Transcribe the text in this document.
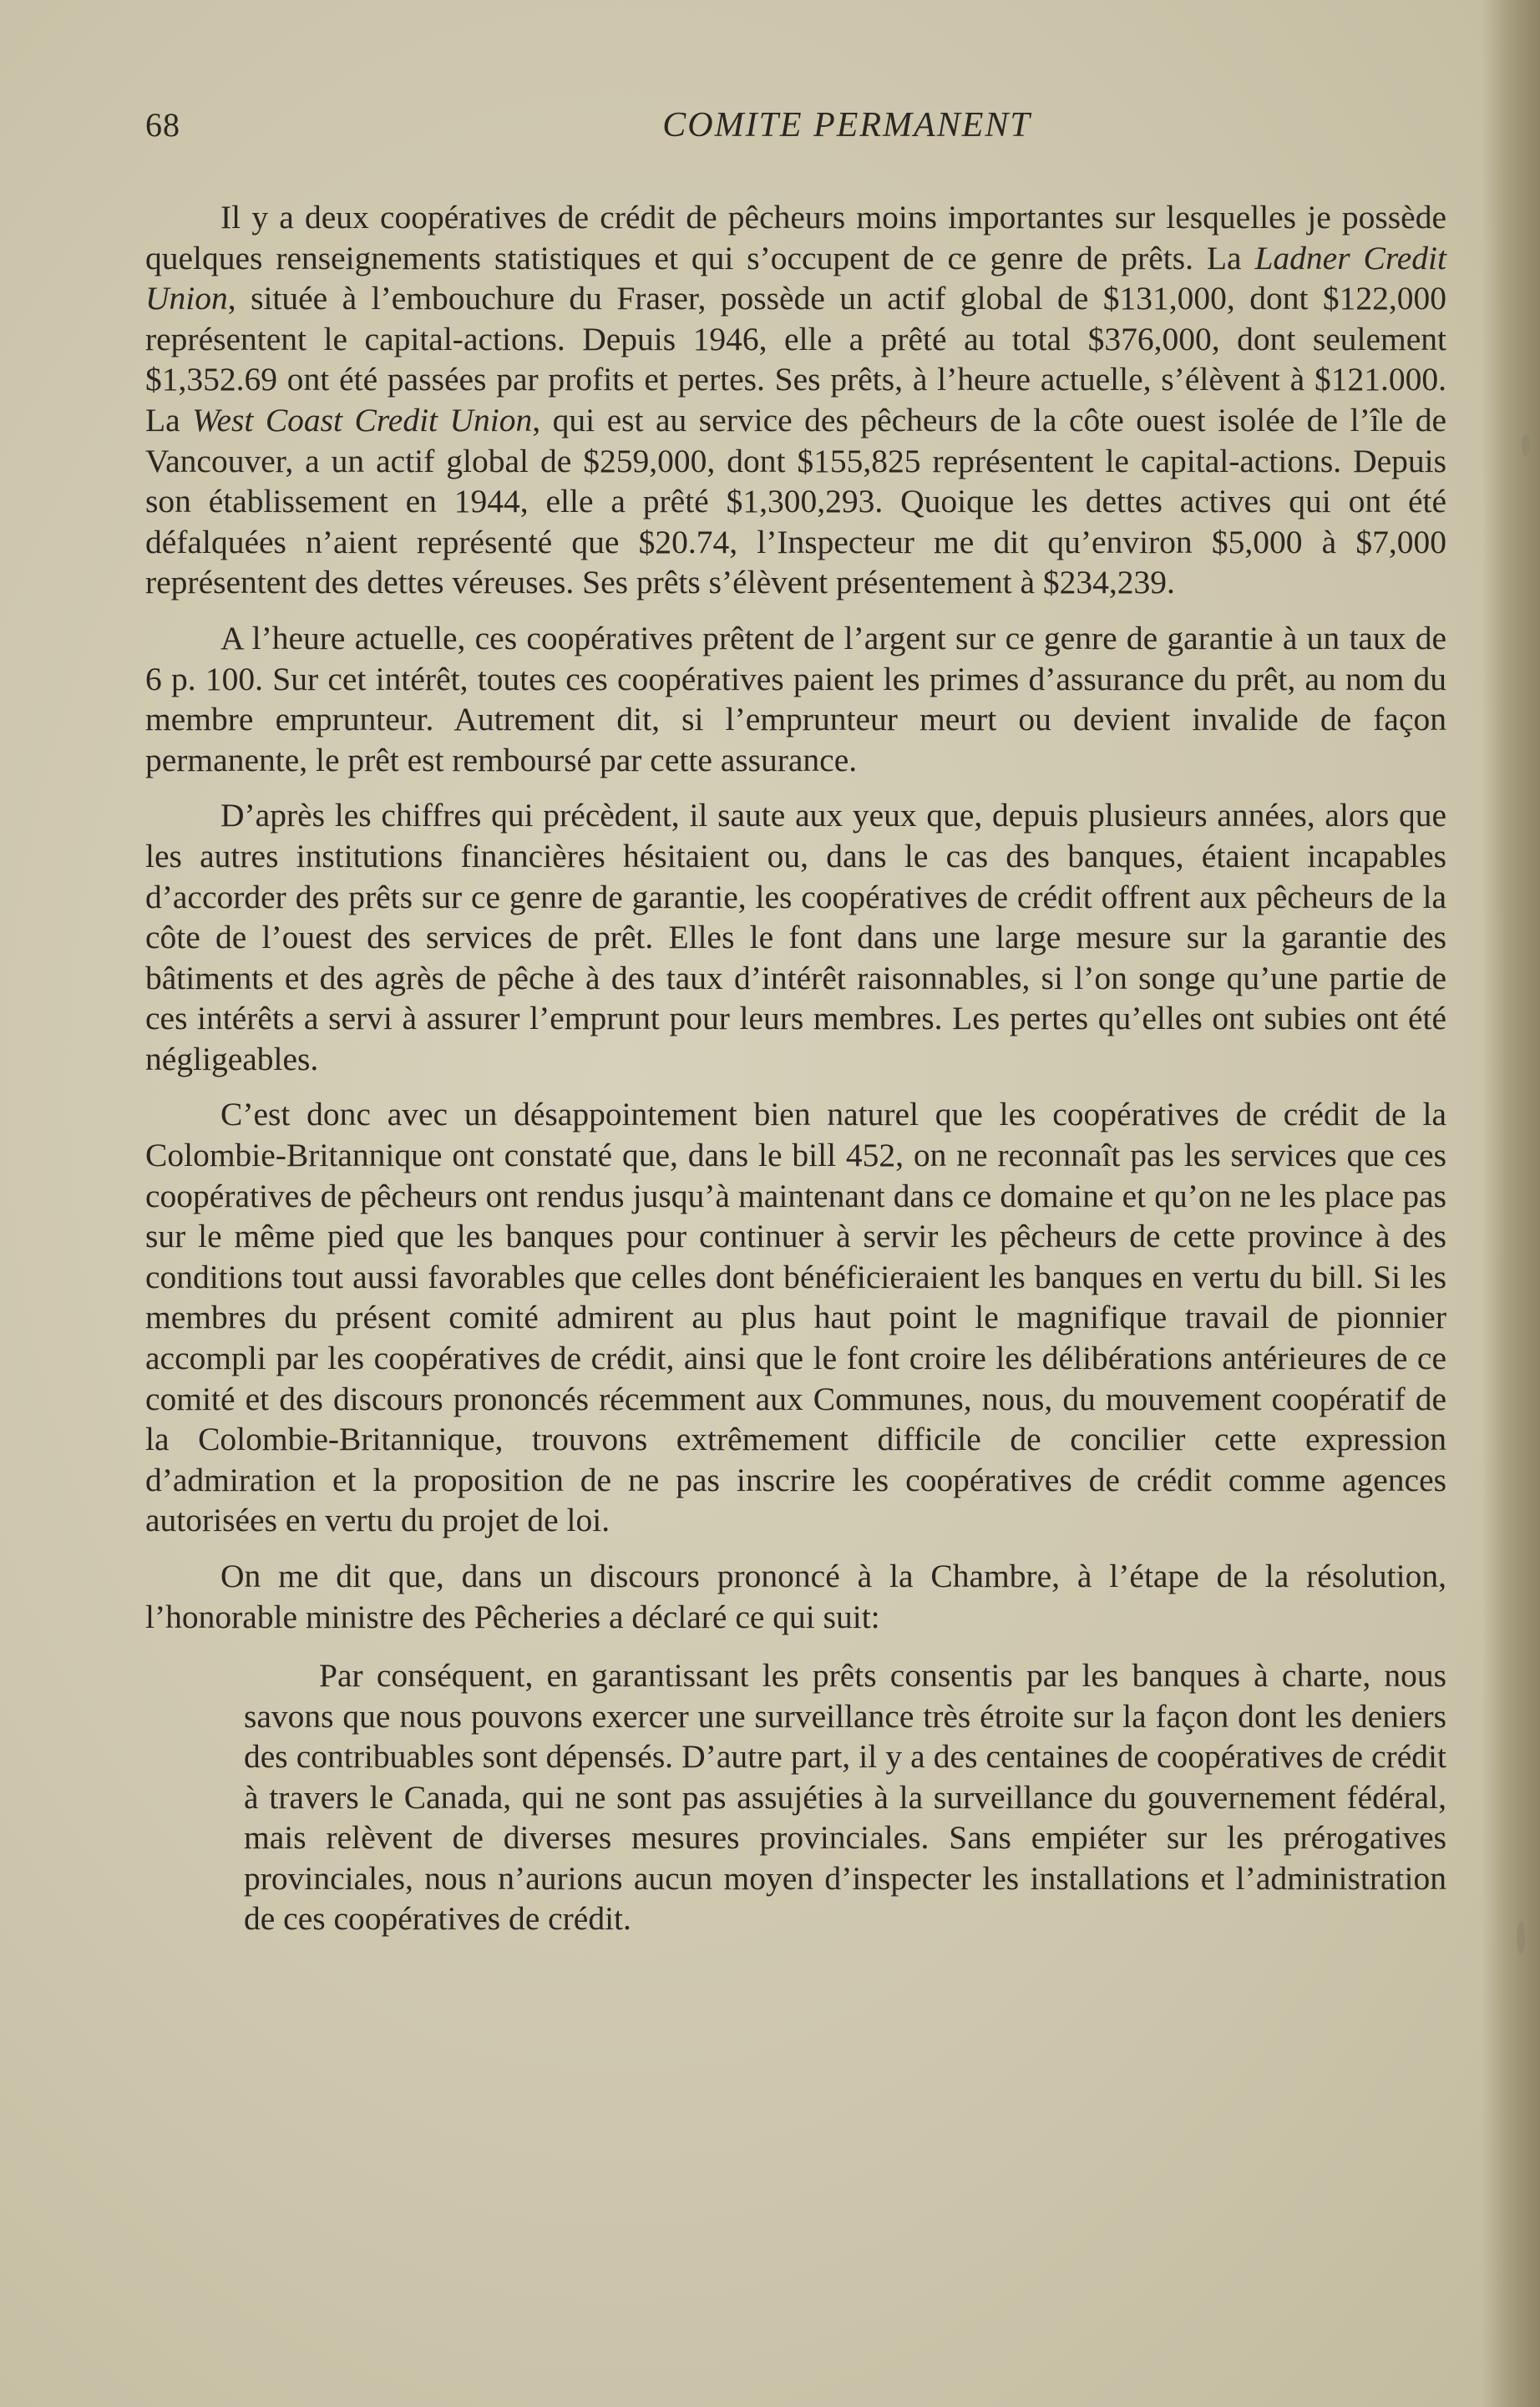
68	COMITE PERMANENT

Il y a deux coopératives de crédit de pêcheurs moins importantes sur lesquelles je possède quelques renseignements statistiques et qui s’occupent de ce genre de prêts. La Ladner Credit Union, située à l’embouchure du Fraser, possède un actif global de $131,000, dont $122,000 représentent le capital-actions. Depuis 1946, elle a prêté au total $376,000, dont seulement $1,352.69 ont été passées par profits et pertes. Ses prêts, à l’heure actuelle, s’élèvent à $121.000. La West Coast Credit Union, qui est au service des pêcheurs de la côte ouest isolée de l’île de Vancouver, a un actif global de $259,000, dont $155,825 représentent le capital-actions. Depuis son établissement en 1944, elle a prêté $1,300,293. Quoique les dettes actives qui ont été défalquées n’aient représenté que $20.74, l’Inspecteur me dit qu’environ $5,000 à $7,000 représentent des dettes véreuses. Ses prêts s’élèvent présentement à $234,239.

A l’heure actuelle, ces coopératives prêtent de l’argent sur ce genre de garantie à un taux de 6 p. 100. Sur cet intérêt, toutes ces coopératives paient les primes d’assurance du prêt, au nom du membre emprunteur. Autrement dit, si l’emprunteur meurt ou devient invalide de façon permanente, le prêt est remboursé par cette assurance.

D’après les chiffres qui précèdent, il saute aux yeux que, depuis plusieurs années, alors que les autres institutions financières hésitaient ou, dans le cas des banques, étaient incapables d’accorder des prêts sur ce genre de garantie, les coopératives de crédit offrent aux pêcheurs de la côte de l’ouest des services de prêt. Elles le font dans une large mesure sur la garantie des bâtiments et des agrès de pêche à des taux d’intérêt raisonnables, si l’on songe qu’une partie de ces intérêts a servi à assurer l’emprunt pour leurs membres. Les pertes qu’elles ont subies ont été négligeables.

C’est donc avec un désappointement bien naturel que les coopératives de crédit de la Colombie-Britannique ont constaté que, dans le bill 452, on ne reconnaît pas les services que ces coopératives de pêcheurs ont rendus jusqu’à maintenant dans ce domaine et qu’on ne les place pas sur le même pied que les banques pour continuer à servir les pêcheurs de cette province à des conditions tout aussi favorables que celles dont bénéficieraient les banques en vertu du bill. Si les membres du présent comité admirent au plus haut point le magnifique travail de pionnier accompli par les coopératives de crédit, ainsi que le font croire les délibérations antérieures de ce comité et des discours prononcés récemment aux Communes, nous, du mouvement coopératif de la Colombie-Britannique, trouvons extrêmement difficile de concilier cette expression d’admiration et la proposition de ne pas inscrire les coopératives de crédit comme agences autorisées en vertu du projet de loi.

On me dit que, dans un discours prononcé à la Chambre, à l’étape de la résolution, l’honorable ministre des Pêcheries a déclaré ce qui suit:

Par conséquent, en garantissant les prêts consentis par les banques à charte, nous savons que nous pouvons exercer une surveillance très étroite sur la façon dont les deniers des contribuables sont dépensés. D’autre part, il y a des centaines de coopératives de crédit à travers le Canada, qui ne sont pas assujéties à la surveillance du gouvernement fédéral, mais relèvent de diverses mesures provinciales. Sans empiéter sur les prérogatives provinciales, nous n’aurions aucun moyen d’inspecter les installations et l’administration de ces coopératives de crédit.
